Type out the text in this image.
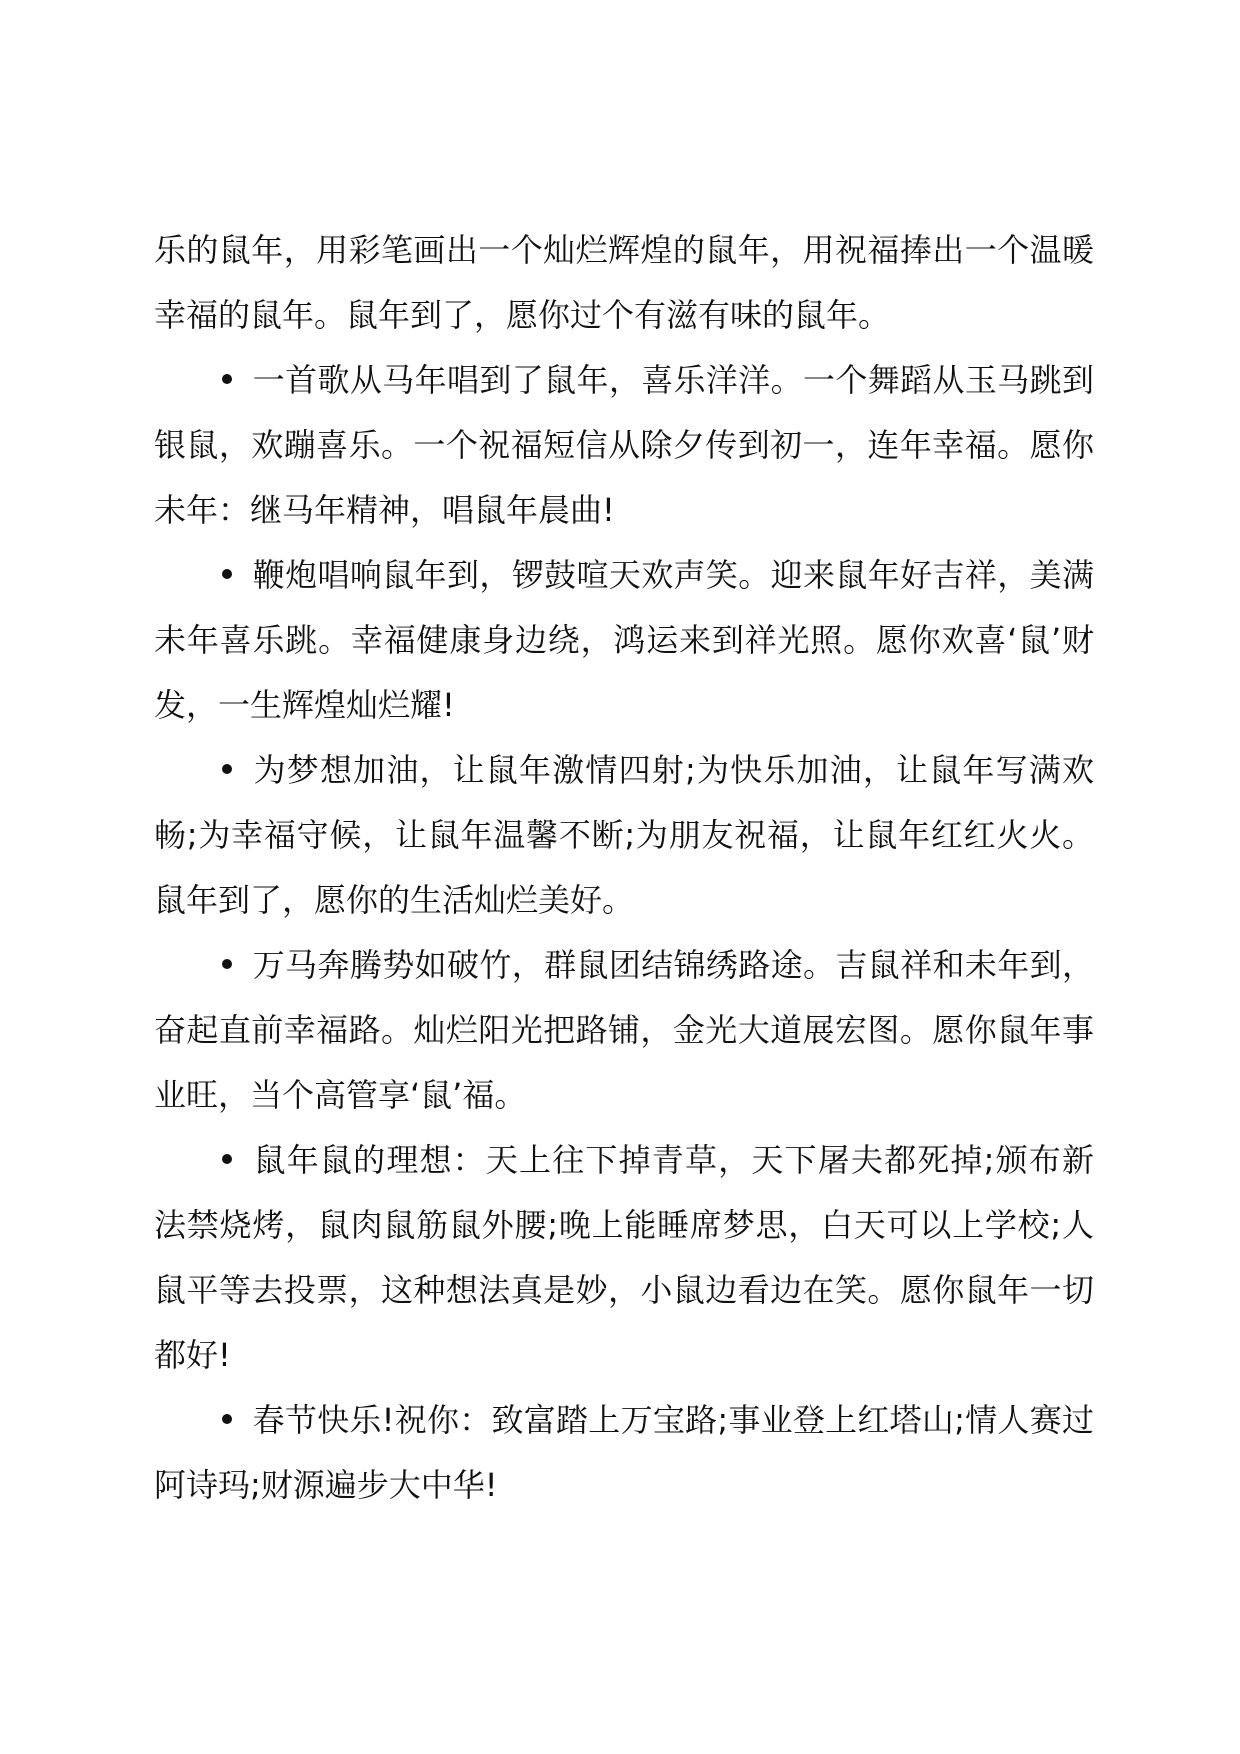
乐的鼠年，用彩笔画出一个灿烂辉煌的鼠年，用祝福捧出一个温暖幸福的鼠年。鼠年到了，愿你过个有滋有味的鼠年。

一首歌从马年唱到了鼠年，喜乐洋洋。一个舞蹈从玉马跳到银鼠，欢蹦喜乐。一个祝福短信从除夕传到初一，连年幸福。愿你未年：继马年精神，唱鼠年晨曲!

鞭炮唱响鼠年到，锣鼓喧天欢声笑。迎来鼠年好吉祥，美满未年喜乐跳。幸福健康身边绕，鸿运来到祥光照。愿你欢喜‘鼠’财发，一生辉煌灿烂耀!

为梦想加油，让鼠年激情四射;为快乐加油，让鼠年写满欢畅;为幸福守候，让鼠年温馨不断;为朋友祝福，让鼠年红红火火。鼠年到了，愿你的生活灿烂美好。

万马奔腾势如破竹，群鼠团结锦绣路途。吉鼠祥和未年到，奋起直前幸福路。灿烂阳光把路铺，金光大道展宏图。愿你鼠年事业旺，当个高管享‘鼠’福。

鼠年鼠的理想：天上往下掉青草，天下屠夫都死掉;颁布新法禁烧烤，鼠肉鼠筋鼠外腰;晚上能睡席梦思，白天可以上学校;人鼠平等去投票，这种想法真是妙，小鼠边看边在笑。愿你鼠年一切都好!

春节快乐!祝你：致富踏上万宝路;事业登上红塔山;情人赛过阿诗玛;财源遍步大中华!
